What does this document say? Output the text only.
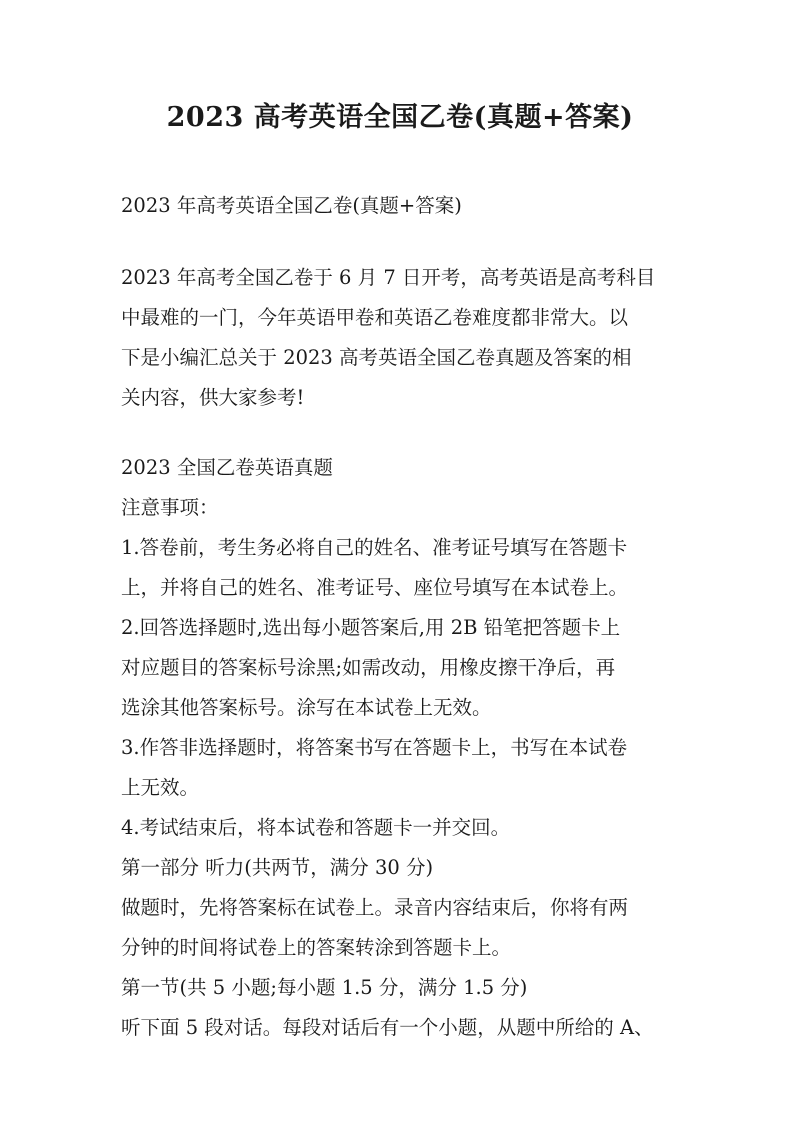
2023 高考英语全国乙卷(真题+答案)

2023 年高考英语全国乙卷(真题+答案)

2023 年高考全国乙卷于 6 月 7 日开考，高考英语是高考科目
中最难的一门，今年英语甲卷和英语乙卷难度都非常大。以
下是小编汇总关于 2023 高考英语全国乙卷真题及答案的相
关内容，供大家参考!

2023 全国乙卷英语真题
注意事项：
1.答卷前，考生务必将自己的姓名、准考证号填写在答题卡
上，并将自己的姓名、准考证号、座位号填写在本试卷上。
2.回答选择题时,选出每小题答案后,用 2B 铅笔把答题卡上
对应题目的答案标号涂黑;如需改动，用橡皮擦干净后，再
选涂其他答案标号。涂写在本试卷上无效。
3.作答非选择题时，将答案书写在答题卡上，书写在本试卷
上无效。
4.考试结束后，将本试卷和答题卡一并交回。
第一部分 听力(共两节，满分 30 分)
做题时，先将答案标在试卷上。录音内容结束后，你将有两
分钟的时间将试卷上的答案转涂到答题卡上。
第一节(共 5 小题;每小题 1.5 分，满分 1.5 分)
听下面 5 段对话。每段对话后有一个小题，从题中所给的 A、
